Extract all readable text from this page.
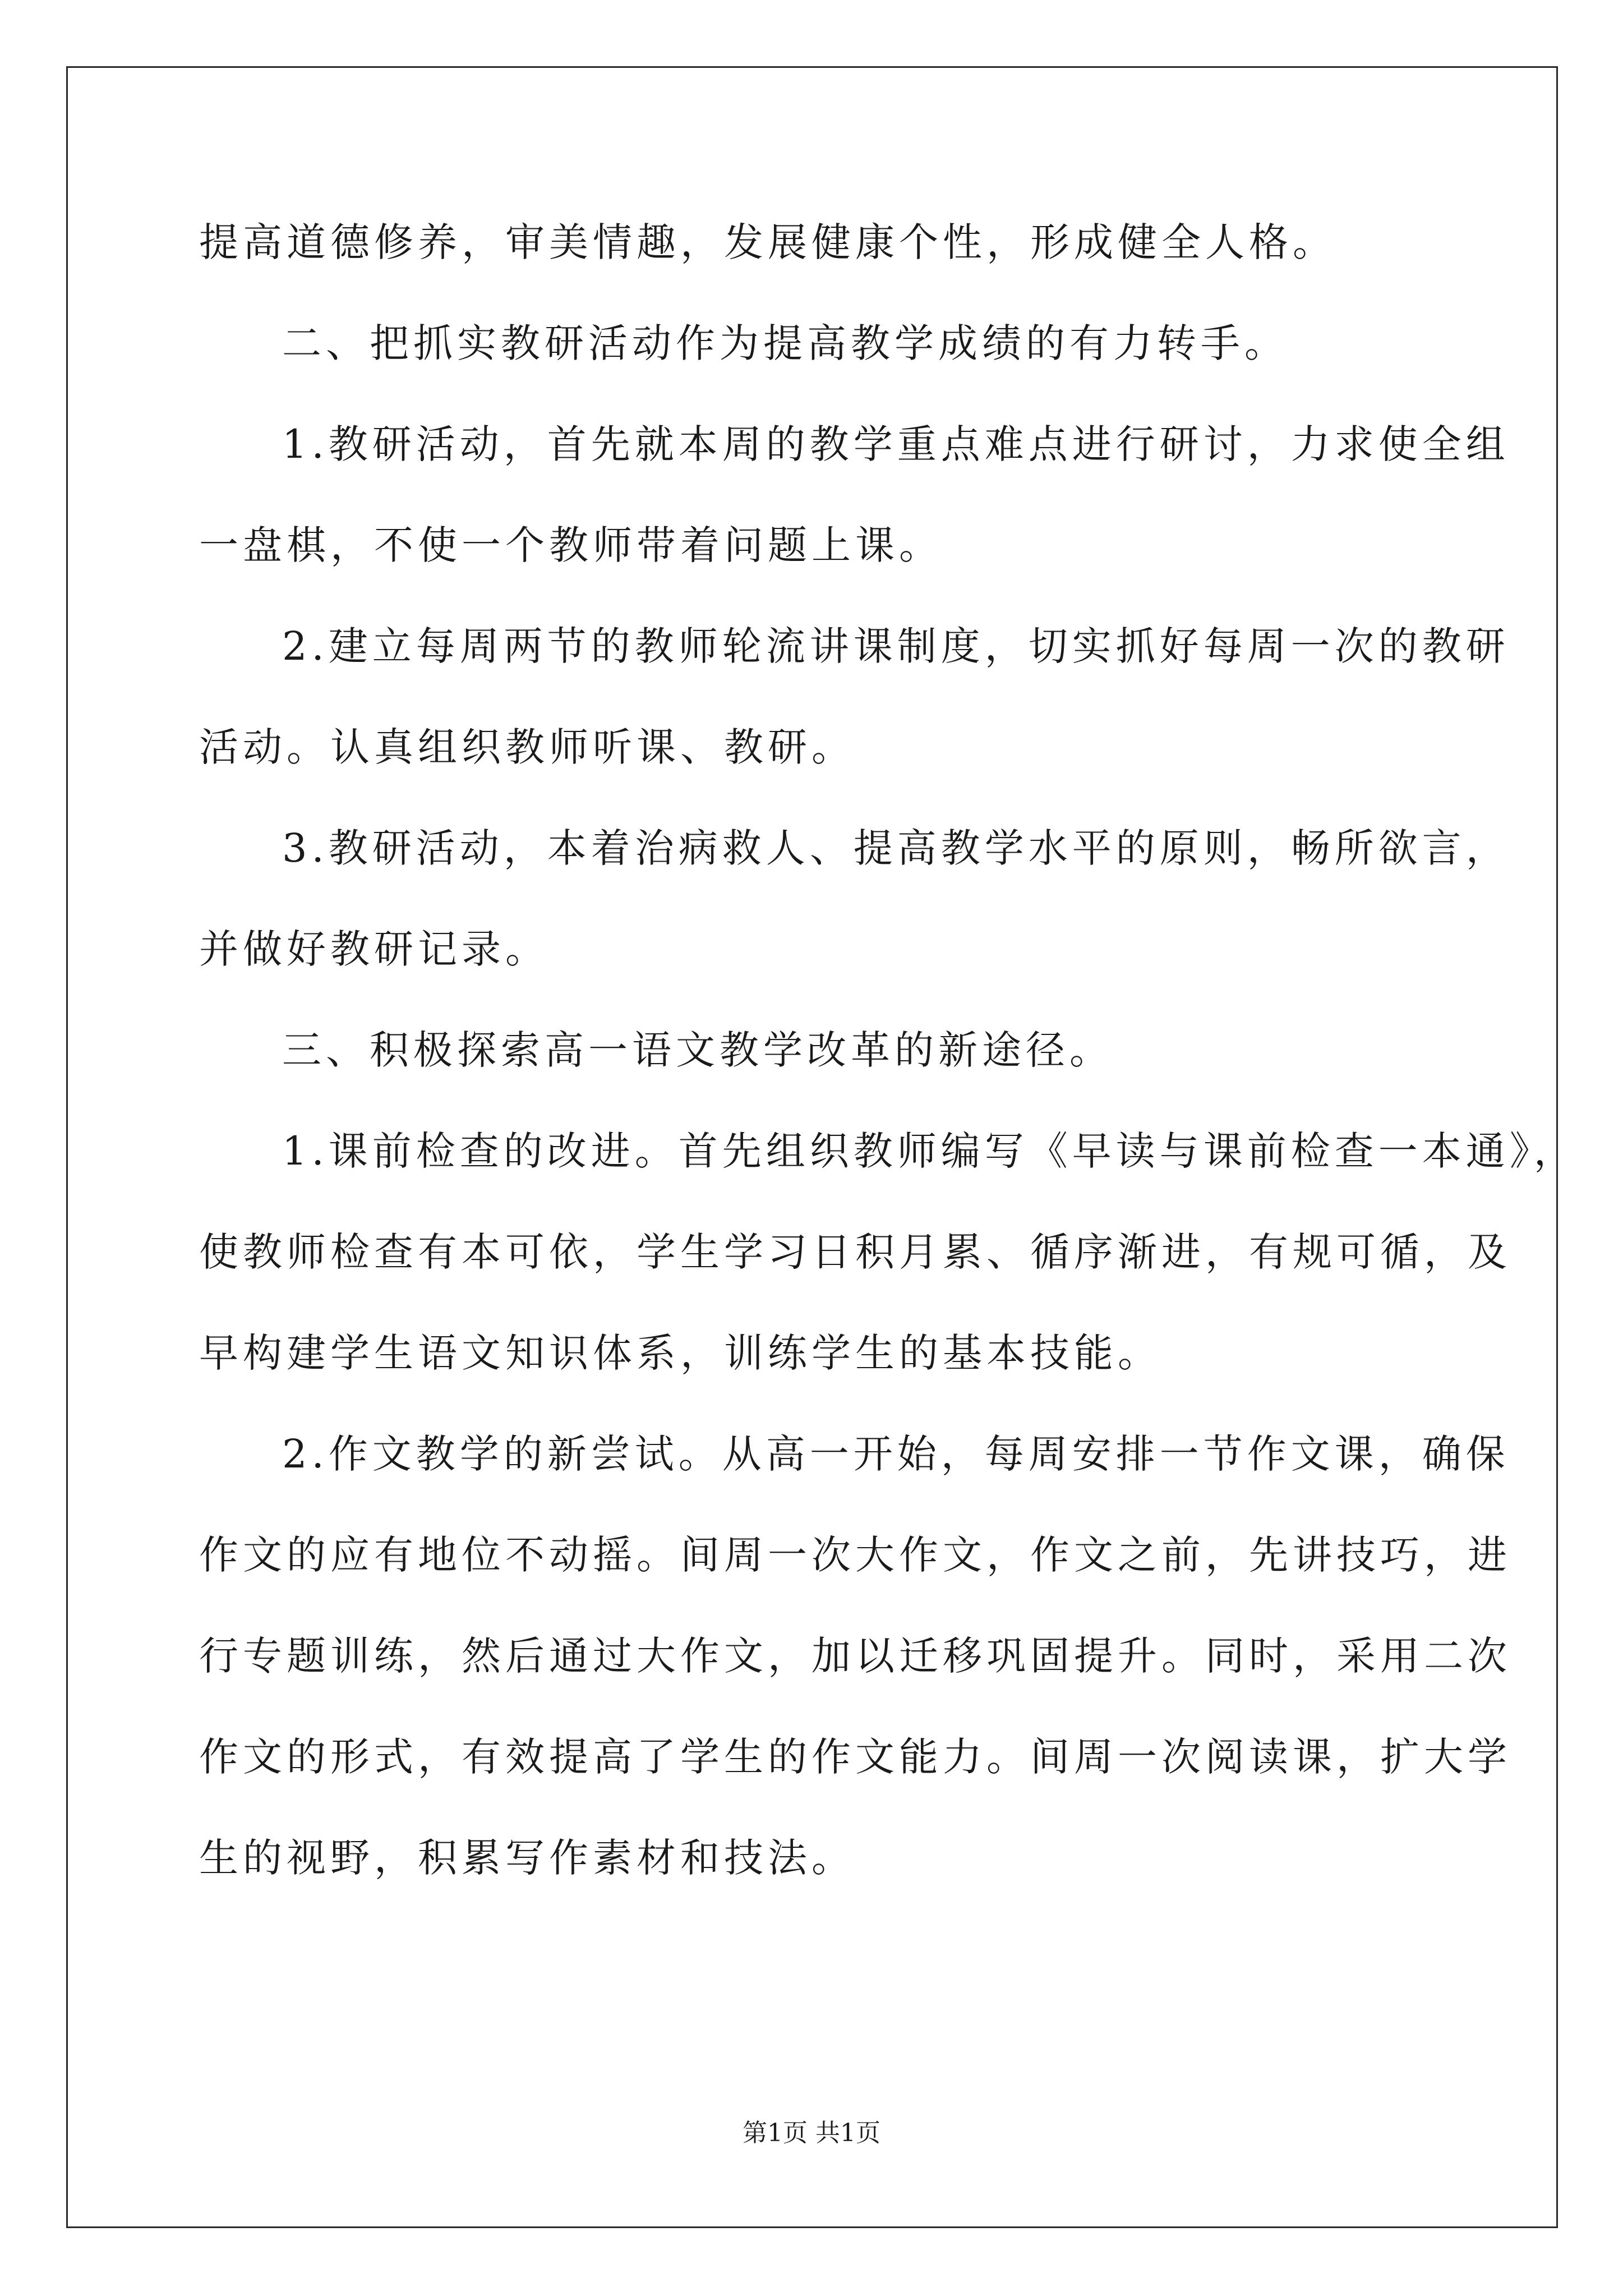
提高道德修养，审美情趣，发展健康个性，形成健全人格。
二、把抓实教研活动作为提高教学成绩的有力转手。
1.教研活动，首先就本周的教学重点难点进行研讨，力求使全组
一盘棋，不使一个教师带着问题上课。
2.建立每周两节的教师轮流讲课制度，切实抓好每周一次的教研
活动。认真组织教师听课、教研。
3.教研活动，本着治病救人、提高教学水平的原则，畅所欲言，
并做好教研记录。
三、积极探索高一语文教学改革的新途径。
1.课前检查的改进。首先组织教师编写《早读与课前检查一本通》，
使教师检查有本可依，学生学习日积月累、循序渐进，有规可循，及
早构建学生语文知识体系，训练学生的基本技能。
2.作文教学的新尝试。从高一开始，每周安排一节作文课，确保
作文的应有地位不动摇。间周一次大作文，作文之前，先讲技巧，进
行专题训练，然后通过大作文，加以迁移巩固提升。同时，采用二次
作文的形式，有效提高了学生的作文能力。间周一次阅读课，扩大学
生的视野，积累写作素材和技法。
第1页 共1页
